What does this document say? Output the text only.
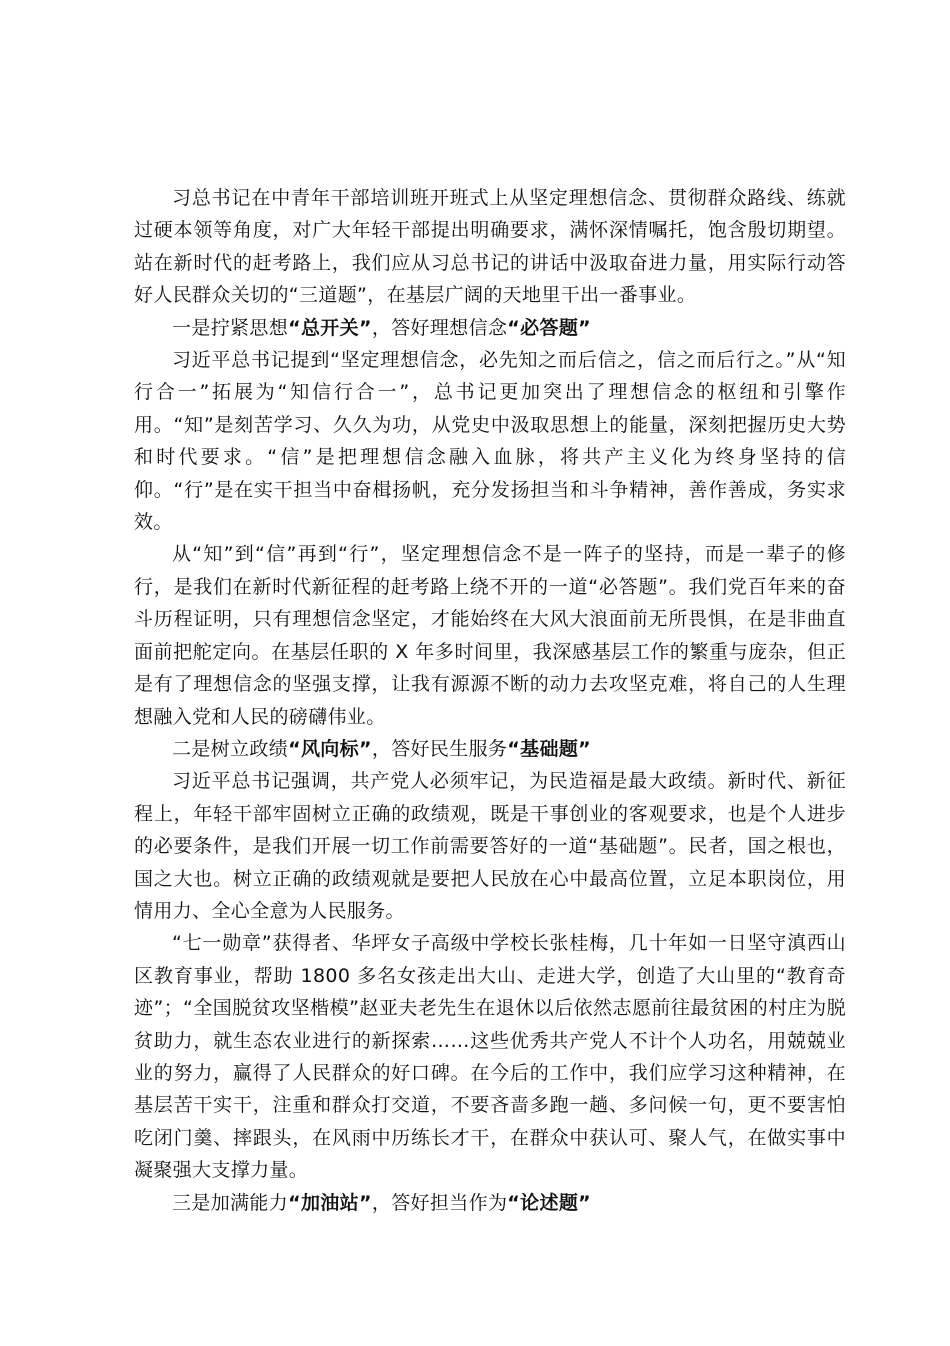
习总书记在中青年干部培训班开班式上从坚定理想信念、贯彻群众路线、练就过硬本领等角度，对广大年轻干部提出明确要求，满怀深情嘱托，饱含殷切期望。站在新时代的赶考路上，我们应从习总书记的讲话中汲取奋进力量，用实际行动答好人民群众关切的“三道题”，在基层广阔的天地里干出一番事业。

一是拧紧思想“总开关”，答好理想信念“必答题”

习近平总书记提到“坚定理想信念，必先知之而后信之，信之而后行之。”从“知行合一”拓展为“知信行合一”，总书记更加突出了理想信念的枢纽和引擎作用。“知”是刻苦学习、久久为功，从党史中汲取思想上的能量，深刻把握历史大势和时代要求。“信”是把理想信念融入血脉，将共产主义化为终身坚持的信仰。“行”是在实干担当中奋楫扬帆，充分发扬担当和斗争精神，善作善成，务实求效。

从“知”到“信”再到“行”，坚定理想信念不是一阵子的坚持，而是一辈子的修行，是我们在新时代新征程的赶考路上绕不开的一道“必答题”。我们党百年来的奋斗历程证明，只有理想信念坚定，才能始终在大风大浪面前无所畏惧，在是非曲直面前把舵定向。在基层任职的 X 年多时间里，我深感基层工作的繁重与庞杂，但正是有了理想信念的坚强支撑，让我有源源不断的动力去攻坚克难，将自己的人生理想融入党和人民的磅礴伟业。

二是树立政绩“风向标”，答好民生服务“基础题”

习近平总书记强调，共产党人必须牢记，为民造福是最大政绩。新时代、新征程上，年轻干部牢固树立正确的政绩观，既是干事创业的客观要求，也是个人进步的必要条件，是我们开展一切工作前需要答好的一道“基础题”。民者，国之根也，国之大也。树立正确的政绩观就是要把人民放在心中最高位置，立足本职岗位，用情用力、全心全意为人民服务。

“七一勋章”获得者、华坪女子高级中学校长张桂梅，几十年如一日坚守滇西山区教育事业，帮助 1800 多名女孩走出大山、走进大学，创造了大山里的“教育奇迹”；“全国脱贫攻坚楷模”赵亚夫老先生在退休以后依然志愿前往最贫困的村庄为脱贫助力，就生态农业进行的新探索……这些优秀共产党人不计个人功名，用兢兢业业的努力，赢得了人民群众的好口碑。在今后的工作中，我们应学习这种精神，在基层苦干实干，注重和群众打交道，不要吝啬多跑一趟、多问候一句，更不要害怕吃闭门羹、摔跟头，在风雨中历练长才干，在群众中获认可、聚人气，在做实事中凝聚强大支撑力量。

三是加满能力“加油站”，答好担当作为“论述题”
